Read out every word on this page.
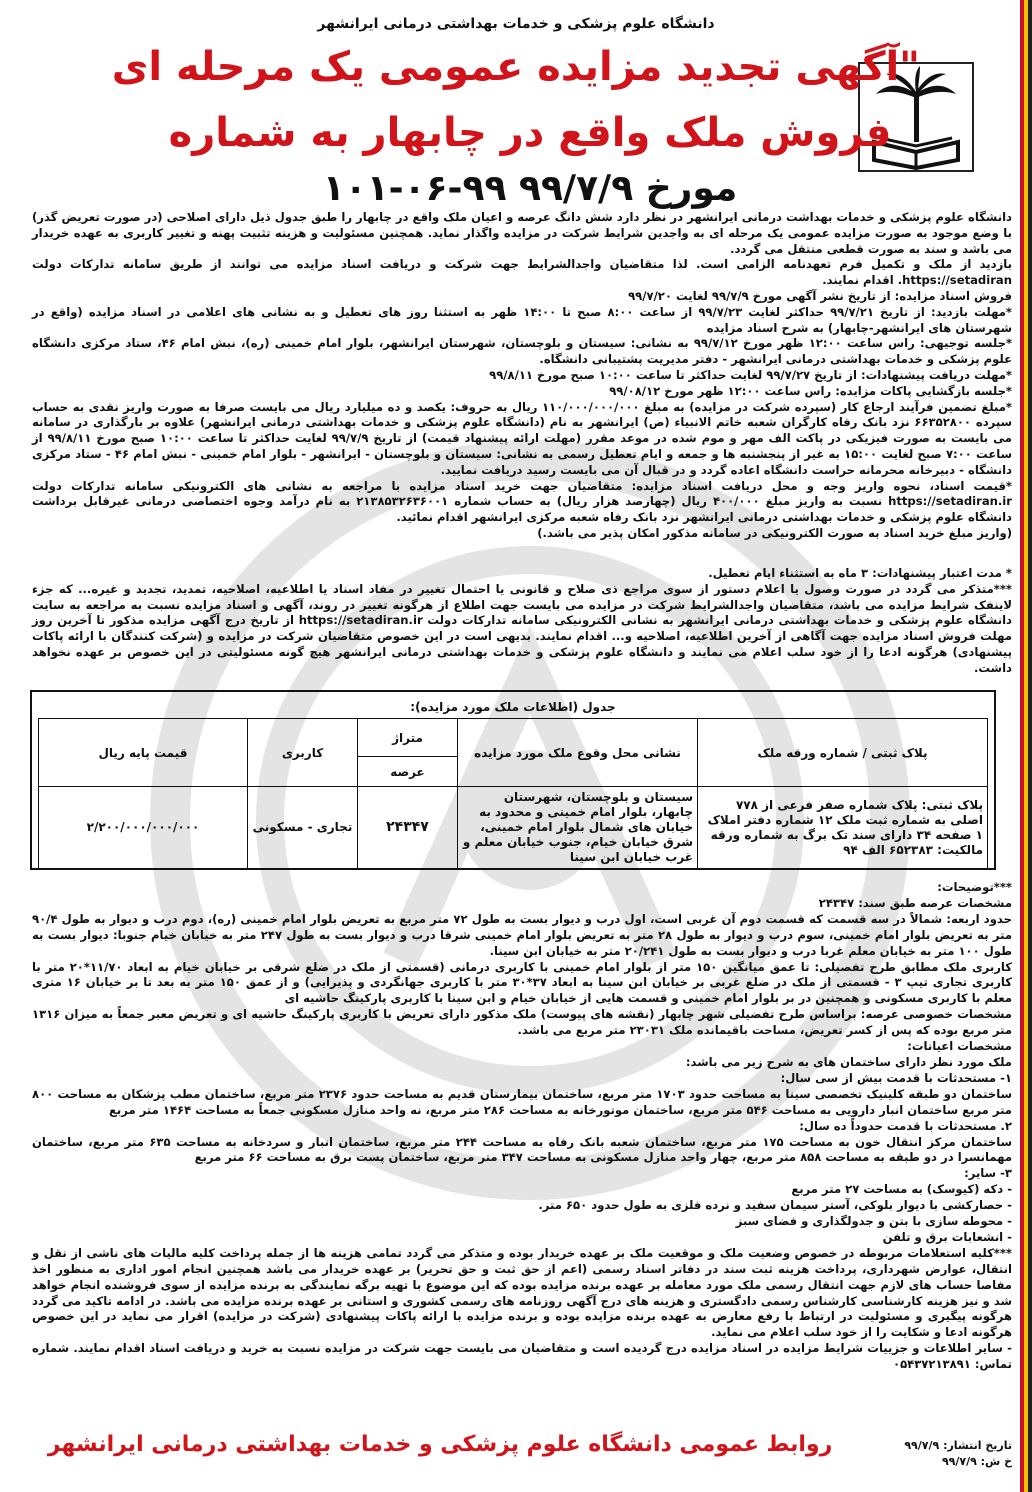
دانشگاه علوم پزشکی و خدمات بهداشتی درمانی ایرانشهر
"آگهی تجدید مزایده عمومی یک مرحله ای
فروش ملک واقع در چابهار به شماره
۱۰۱-۰۶-۹۹ مورخ ۹۹/۷/۹

دانشگاه علوم پزشکی و خدمات بهداشت درمانی ایرانشهر در نظر دارد شش دانگ عرصه و اعیان ملک واقع در چابهار را طبق جدول ذیل دارای اصلاحی (در صورت تعریض گذر) با وضع موجود به صورت مزایده عمومی یک مرحله ای به واجدین شرایط شرکت در مزایده واگذار نماید. همچنین مسئولیت و هزینه تثبیت پهنه و تغییر کاربری به عهده خریدار می باشد و سند به صورت قطعی منتقل می گردد.

بازدید از ملک و تکمیل فرم تعهدنامه الزامی است. لذا متقاضیان واجدالشرایط جهت شرکت و دریافت اسناد مزایده می توانند از طریق سامانه تدارکات دولت https://setadiran. اقدام نمایند.

فروش اسناد مزایده: از تاریخ نشر آگهی مورخ ۹۹/۷/۹ لغایت ۹۹/۷/۲۰

*مهلت بازدید: از تاریخ ۹۹/۷/۲۱ حداکثر لغایت ۹۹/۷/۲۳ از ساعت ۸:۰۰ صبح تا ۱۴:۰۰ ظهر به استثنا روز های تعطیل و به نشانی های اعلامی در اسناد مزایده (واقع در شهرستان های ایرانشهر-چابهار) به شرح اسناد مزایده

*جلسه توجیهی: راس ساعت ۱۲:۰۰ ظهر مورخ ۹۹/۷/۱۲ به نشانی: سیستان و بلوچستان، شهرستان ایرانشهر، بلوار امام خمینی (ره)، نبش امام ۴۶، ستاد مرکزی دانشگاه علوم پزشکی و خدمات بهداشتی درمانی ایرانشهر - دفتر مدیریت پشتیبانی دانشگاه.

*مهلت دریافت پیشنهادات: از تاریخ ۹۹/۷/۲۷ لغایت حداکثر تا ساعت ۱۰:۰۰ صبح مورخ ۹۹/۸/۱۱

*جلسه بازگشایی پاکات مزایده: راس ساعت ۱۲:۰۰ ظهر مورخ ۹۹/۰۸/۱۲

*مبلغ تضمین فرآیند ارجاع کار (سپرده شرکت در مزایده) به مبلغ ۱۱۰/۰۰۰/۰۰۰/۰۰۰ ریال به حروف: یکصد و ده میلیارد ریال می بایست صرفا به صورت واریز نقدی به حساب سپرده ۶۶۳۵۲۸۰۰ نزد بانک رفاه کارگران شعبه خاتم الانبیاء (ص) ایرانشهر به نام (دانشگاه علوم پزشکی و خدمات بهداشتی درمانی ایرانشهر) علاوه بر بارگذاری در سامانه می بایست به صورت فیزیکی در پاکت الف مهر و موم شده در موعد مقرر (مهلت ارائه پیشنهاد قیمت) از تاریخ ۹۹/۷/۹ لغایت حداکثر تا ساعت ۱۰:۰۰ صبح مورخ ۹۹/۸/۱۱ از ساعت ۷:۰۰ صبح لغایت ۱۵:۰۰ به غیر از پنجشنبه ها و جمعه و ایام تعطیل رسمی به نشانی: سیستان و بلوچستان - ایرانشهر - بلوار امام خمینی - نبش امام ۴۶ - ستاد مرکزی دانشگاه - دبیرخانه محرمانه حراست دانشگاه اعاده گردد و در قبال آن می بایست رسید دریافت نمایید.

*قیمت اسناد، نحوه واریز وجه و محل دریافت اسناد مزایده: متقاضیان جهت خرید اسناد مزایده با مراجعه به نشانی های الکترونیکی سامانه تدارکات دولت https://setadiran.ir نسبت به واریز مبلغ ۴۰۰/۰۰۰ ریال (چهارصد هزار ریال) به حساب شماره ۲۱۳۸۵۳۲۶۳۶۰۰۱ به نام درآمد وجوه اختصاصی درمانی غیرقابل برداشت دانشگاه علوم پزشکی و خدمات بهداشتی درمانی ایرانشهر نزد بانک رفاه شعبه مرکزی ایرانشهر اقدام نمائید.

(واریز مبلغ خرید اسناد به صورت الکترونیکی در سامانه مذکور امکان پذیر می باشد.)

* مدت اعتبار پیشنهادات: ۳ ماه به استثناء ایام تعطیل.

***متذکر می گردد در صورت وصول یا اعلام دستور از سوی مراجع ذی صلاح و قانونی یا احتمال تغییر در مفاد اسناد یا اطلاعیه، اصلاحیه، تمدید، تجدید و غیره... که جزء لاینفک شرایط مزایده می باشد، متقاضیان واجدالشرایط شرکت در مزایده می بایست جهت اطلاع از هرگونه تغییر در روند، آگهی و اسناد مزایده نسبت به مراجعه به سایت دانشگاه علوم پزشکی و خدمات بهداشتی درمانی ایرانشهر به نشانی الکترونیکی سامانه تدارکات دولت https://setadiran.ir از تاریخ درج آگهی مزایده مذکور تا آخرین روز مهلت فروش اسناد مزایده جهت آگاهی از آخرین اطلاعیه، اصلاحیه و... اقدام نمایند. بدیهی است در این خصوص متقاضیان شرکت در مزایده و (شرکت کنندگان با ارائه پاکات پیشنهادی) هرگونه ادعا را از خود سلب اعلام می نمایند و دانشگاه علوم پزشکی و خدمات بهداشتی درمانی ایرانشهر هیچ گونه مسئولیتی در این خصوص بر عهده نخواهد داشت.

جدول (اطلاعات ملک مورد مزایده):
پلاک ثبتی / شماره ورقه ملک	نشانی محل وقوع ملک مورد مزایده	متراژ	کاربری	قیمت پایه ریال
		عرصه		
پلاک ثبتی: پلاک شماره صفر فرعی از ۷۷۸ اصلی به شماره ثبت ملک ۱۲ شماره دفتر املاک ۱ صفحه ۳۴ دارای سند تک برگ به شماره ورقه مالکیت: ۶۵۲۳۸۳ الف ۹۴	سیستان و بلوچستان، شهرستان چابهار، بلوار امام خمینی و محدود به خیابان های شمال بلوار امام خمینی، شرق خیابان خیام، جنوب خیابان معلم و غرب خیابان ابن سینا	۲۴۳۴۷	تجاری - مسکونی	۲/۲۰۰/۰۰۰/۰۰۰/۰۰۰

***توضیحات:

مشخصات عرصه طبق سند: ۲۴۳۴۷

حدود اربعه: شمالاً در سه قسمت که قسمت دوم آن غربی است، اول درب و دیوار بست به طول ۷۲ متر مربع به تعریض بلوار امام خمینی (ره)، دوم درب و دیوار به طول ۹۰/۴ متر به تعریض بلوار امام خمینی، سوم درب و دیوار به طول ۲۸ متر به تعریض بلوار امام خمینی شرقا درب و دیوار بست به طول ۲۴۷ متر به خیابان خیام جنوبا: دیوار بست به طول ۱۰۰ متر به خیابان معلم غربا درب و دیوار بست به طول ۲۰/۲۴۱ متر به خیابان ابن سینا.

کاربری ملک مطابق طرح تفصیلی: تا عمق میانگین ۱۵۰ متر از بلوار امام خمینی با کاربری درمانی (قسمتی از ملک در ضلع شرقی بر خیابان خیام به ابعاد ۱۱/۷۰*۲۰ متر با کاربری تجاری تیپ ۳ - قسمتی از ملک در ضلع غربی بر خیابان ابن سینا به ابعاد ۳۷*۳۰ متر با کاربری جهانگردی و پذیرایی) و از عمق ۱۵۰ متر به بعد تا بر خیابان ۱۶ متری معلم با کاربری مسکونی و همچنین در بر بلوار امام خمینی و قسمت هایی از خیابان خیام و ابن سینا با کاربری پارکینگ حاشیه ای

مشخصات خصوصی عرصه: براساس طرح تفضیلی شهر چابهار (نقشه های پیوست) ملک مذکور دارای تعریض با کاربری پارکینگ حاشیه ای و تعریض معبر جمعاً به میزان ۱۳۱۶ متر مربع بوده که پس از کسر تعریض، مساحت باقیمانده ملک ۲۳۰۳۱ متر مربع می باشد.

مشخصات اعیانات:

ملک مورد نظر دارای ساختمان های به شرح زیر می باشد:

۱- مستحدثات با قدمت بیش از سی سال:

ساختمان دو طبقه کلینیک تخصصی سینا به مساحت حدود ۱۷۰۳ متر مربع، ساختمان بیمارستان قدیم به مساحت حدود ۲۳۷۶ متر مربع، ساختمان مطب پزشکان به مساحت ۸۰۰ متر مربع ساختمان انبار دارویی به مساحت ۵۴۶ متر مربع، ساختمان موتورخانه به مساحت ۲۸۶ متر مربع، نه واحد منازل مسکونی جمعاً به مساحت ۱۴۶۴ متر مربع

۲. مستحدثات با قدمت حدوداً ده سال:

ساختمان مرکز انتقال خون به مساحت ۱۷۵ متر مربع، ساختمان شعبه بانک رفاه به مساحت ۲۴۴ متر مربع، ساختمان انبار و سردخانه به مساحت ۶۳۵ متر مربع، ساختمان مهمانسرا در دو طبقه به مساحت ۸۵۸ متر مربع، چهار واحد منازل مسکونی به مساحت ۳۴۷ متر مربع، ساختمان پست برق به مساحت ۶۶ متر مربع

۳- سایر:

- دکه (کیوسک) به مساحت ۲۷ متر مربع

- حصارکشی با دیوار بلوکی، آستر سیمان سفید و نرده فلزی به طول حدود ۶۵۰ متر.

- محوطه سازی با بتن و جدولگذاری و فضای سبز

- انشعابات برق و تلفن

***کلیه استعلامات مربوطه در خصوص وضعیت ملک و موقعیت ملک بر عهده خریدار بوده و متذکر می گردد تمامی هزینه ها از جمله پرداخت کلیه مالیات های ناشی از نقل و انتقال، عوارض شهرداری، پرداخت هزینه ثبت سند در دفاتر اسناد رسمی (اعم از حق ثبت و حق تحریر) بر عهده خریدار می باشد همچنین انجام امور اداری به منظور اخذ مفاصا حساب های لازم جهت انتقال رسمی ملک مورد معامله بر عهده برنده مزایده بوده که این موضوع با تهیه برگه نمایندگی به برنده مزایده از سوی فروشنده انجام خواهد شد و نیز هزینه کارشناسی کارشناس رسمی دادگستری و هزینه های درج آگهی روزنامه های رسمی کشوری و استانی بر عهده برنده مزایده می باشد. در ادامه تاکید می گردد هرگونه پیگیری و مسئولیت در ارتباط با رفع معارض به عهده برنده مزایده بوده و برنده مزایده با ارائه پاکات پیشنهادی (شرکت در مزایده) اقرار می نماید در این خصوص هرگونه ادعا و شکایت را از خود سلب اعلام می نماید.

- سایر اطلاعات و جزییات شرایط مزایده در اسناد مزایده درج گردیده است و متقاضیان می بایست جهت شرکت در مزایده نسبت به خرید و دریافت اسناد اقدام نمایند. شماره تماس: ۰۵۴۳۷۲۱۳۸۹۱

تاریخ انتشار: ۹۹/۷/۹
خ ش: ۹۹/۷/۹
روابط عمومی دانشگاه علوم پزشکی و خدمات بهداشتی درمانی ایرانشهر
